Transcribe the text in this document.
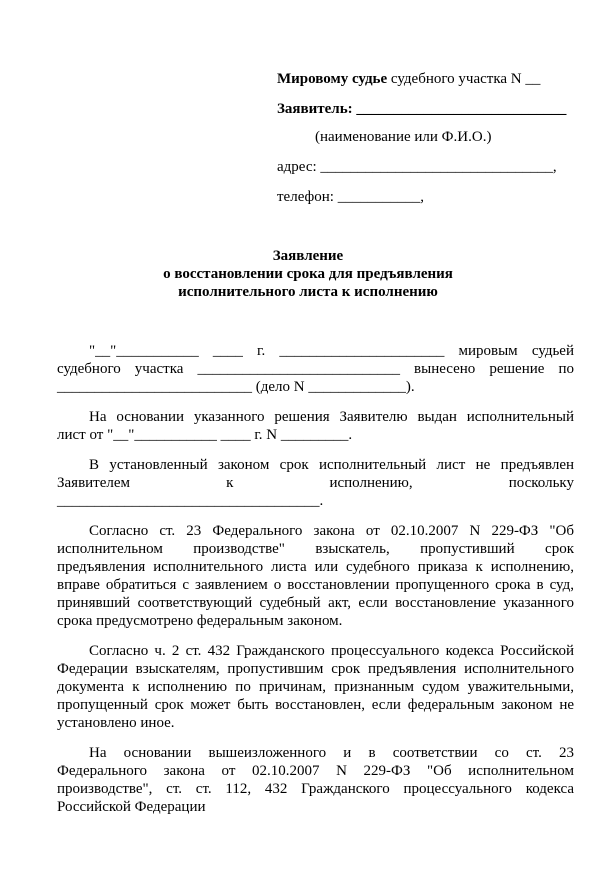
Мировому судье судебного участка N __
Заявитель: ____________________________
(наименование или Ф.И.О.)
адрес: _______________________________,
телефон: ___________,
Заявление
о восстановлении срока для предъявления
исполнительного листа к исполнению
"__"___________ ____ г. ______________________ мировым судьей
судебного участка ___________________________ вынесено решение по
__________________________ (дело N _____________).
На основании указанного решения Заявителю выдан исполнительный
лист от "__"___________ ____ г. N _________.
В установленный законом срок исполнительный лист не предъявлен
Заявителем к исполнению, поскольку
___________________________________.
Согласно ст. 23 Федерального закона от 02.10.2007 N 229-ФЗ "Об
исполнительном производстве" взыскатель, пропустивший срок
предъявления исполнительного листа или судебного приказа к исполнению,
вправе обратиться с заявлением о восстановлении пропущенного срока в суд,
принявший соответствующий судебный акт, если восстановление указанного
срока предусмотрено федеральным законом.
Согласно ч. 2 ст. 432 Гражданского процессуального кодекса Российской
Федерации взыскателям, пропустившим срок предъявления исполнительного
документа к исполнению по причинам, признанным судом уважительными,
пропущенный срок может быть восстановлен, если федеральным законом не
установлено иное.
На основании вышеизложенного и в соответствии со ст. 23
Федерального закона от 02.10.2007 N 229-ФЗ "Об исполнительном
производстве", ст. ст. 112, 432 Гражданского процессуального кодекса
Российской Федерации
